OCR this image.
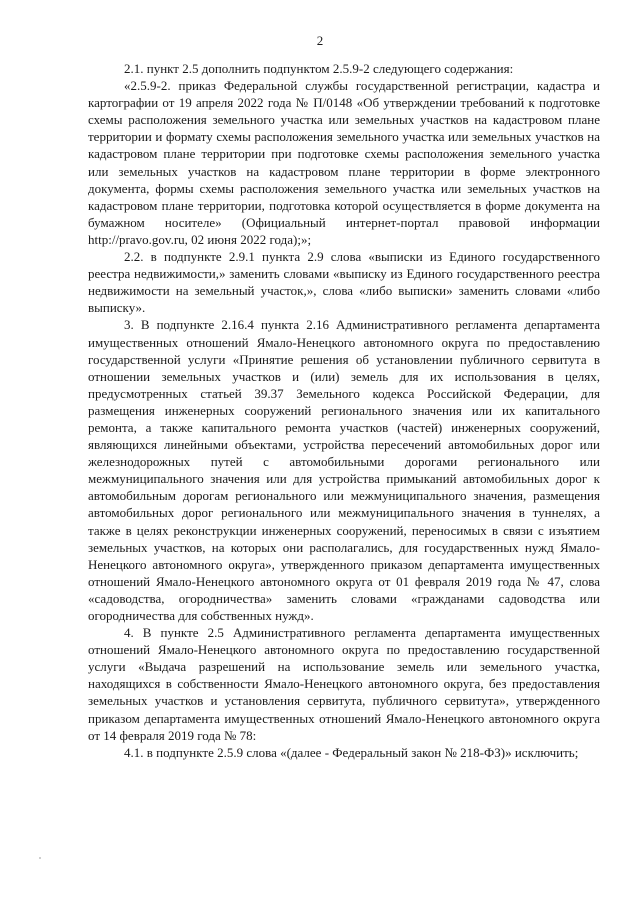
2

2.1. пункт 2.5 дополнить подпунктом 2.5.9-2 следующего содержания:

«2.5.9-2. приказ Федеральной службы государственной регистрации, кадастра и картографии от 19 апреля 2022 года № П/0148 «Об утверждении требований к подготовке схемы расположения земельного участка или земельных участков на кадастровом плане территории и формату схемы расположения земельного участка или земельных участков на кадастровом плане территории при подготовке схемы расположения земельного участка или земельных участков на кадастровом плане территории в форме электронного документа, формы схемы расположения земельного участка или земельных участков на кадастровом плане территории, подготовка которой осуществляется в форме документа на бумажном носителе» (Официальный интернет-портал правовой информации http://pravo.gov.ru, 02 июня 2022 года);»;

2.2. в подпункте 2.9.1 пункта 2.9 слова «выписки из Единого государственного реестра недвижимости,» заменить словами «выписку из Единого государственного реестра недвижимости на земельный участок,», слова «либо выписки» заменить словами «либо выписку».

3. В подпункте 2.16.4 пункта 2.16 Административного регламента департамента имущественных отношений Ямало-Ненецкого автономного округа по предоставлению государственной услуги «Принятие решения об установлении публичного сервитута в отношении земельных участков и (или) земель для их использования в целях, предусмотренных статьей 39.37 Земельного кодекса Российской Федерации, для размещения инженерных сооружений регионального значения или их капитального ремонта, а также капитального ремонта участков (частей) инженерных сооружений, являющихся линейными объектами, устройства пересечений автомобильных дорог или железнодорожных путей с автомобильными дорогами регионального или межмуниципального значения или для устройства примыканий автомобильных дорог к автомобильным дорогам регионального или межмуниципального значения, размещения автомобильных дорог регионального или межмуниципального значения в туннелях, а также в целях реконструкции инженерных сооружений, переносимых в связи с изъятием земельных участков, на которых они располагались, для государственных нужд Ямало-Ненецкого автономного округа», утвержденного приказом департамента имущественных отношений Ямало-Ненецкого автономного округа от 01 февраля 2019 года № 47, слова «садоводства, огородничества» заменить словами «гражданами садоводства или огородничества для собственных нужд».

4. В пункте 2.5 Административного регламента департамента имущественных отношений Ямало-Ненецкого автономного округа по предоставлению государственной услуги «Выдача разрешений на использование земель или земельного участка, находящихся в собственности Ямало-Ненецкого автономного округа, без предоставления земельных участков и установления сервитута, публичного сервитута», утвержденного приказом департамента имущественных отношений Ямало-Ненецкого автономного округа от 14 февраля 2019 года № 78:

4.1. в подпункте 2.5.9 слова «(далее - Федеральный закон № 218-ФЗ)» исключить;
